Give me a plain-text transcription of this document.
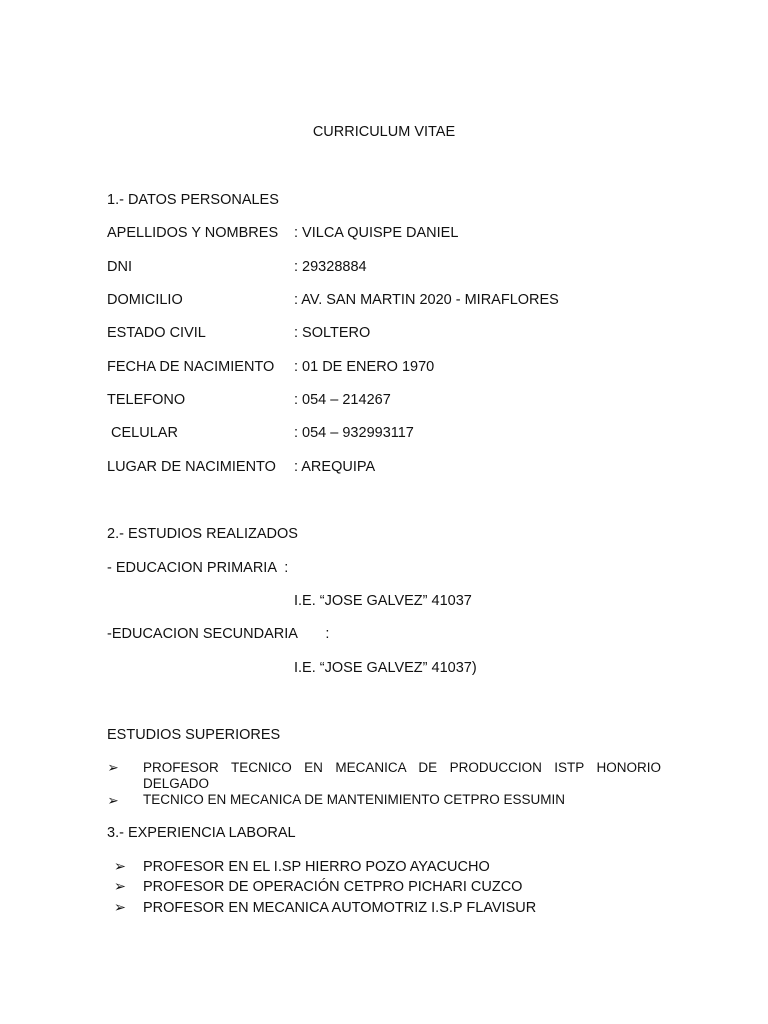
CURRICULUM VITAE
1.- DATOS PERSONALES
APELLIDOS Y NOMBRES : VILCA QUISPE DANIEL
DNI	: 29328884
DOMICILIO	: AV. SAN MARTIN 2020 - MIRAFLORES
ESTADO CIVIL	: SOLTERO
FECHA DE NACIMIENTO : 01 DE ENERO 1970
TELEFONO	: 054 – 214267
CELULAR	: 054 – 932993117
LUGAR DE NACIMIENTO : AREQUIPA
2.- ESTUDIOS REALIZADOS
- EDUCACION PRIMARIA  :
I.E. “JOSE GALVEZ” 41037
-EDUCACION SECUNDARIA       :
I.E. “JOSE GALVEZ” 41037)
ESTUDIOS SUPERIORES
➢ PROFESOR TECNICO EN MECANICA DE PRODUCCION ISTP HONORIO
DELGADO
➢ TECNICO EN MECANICA DE MANTENIMIENTO CETPRO ESSUMIN
3.- EXPERIENCIA LABORAL
➢ PROFESOR EN EL I.SP HIERRO POZO AYACUCHO
➢ PROFESOR DE OPERACIÓN CETPRO PICHARI CUZCO
➢ PROFESOR EN MECANICA AUTOMOTRIZ I.S.P FLAVISUR
